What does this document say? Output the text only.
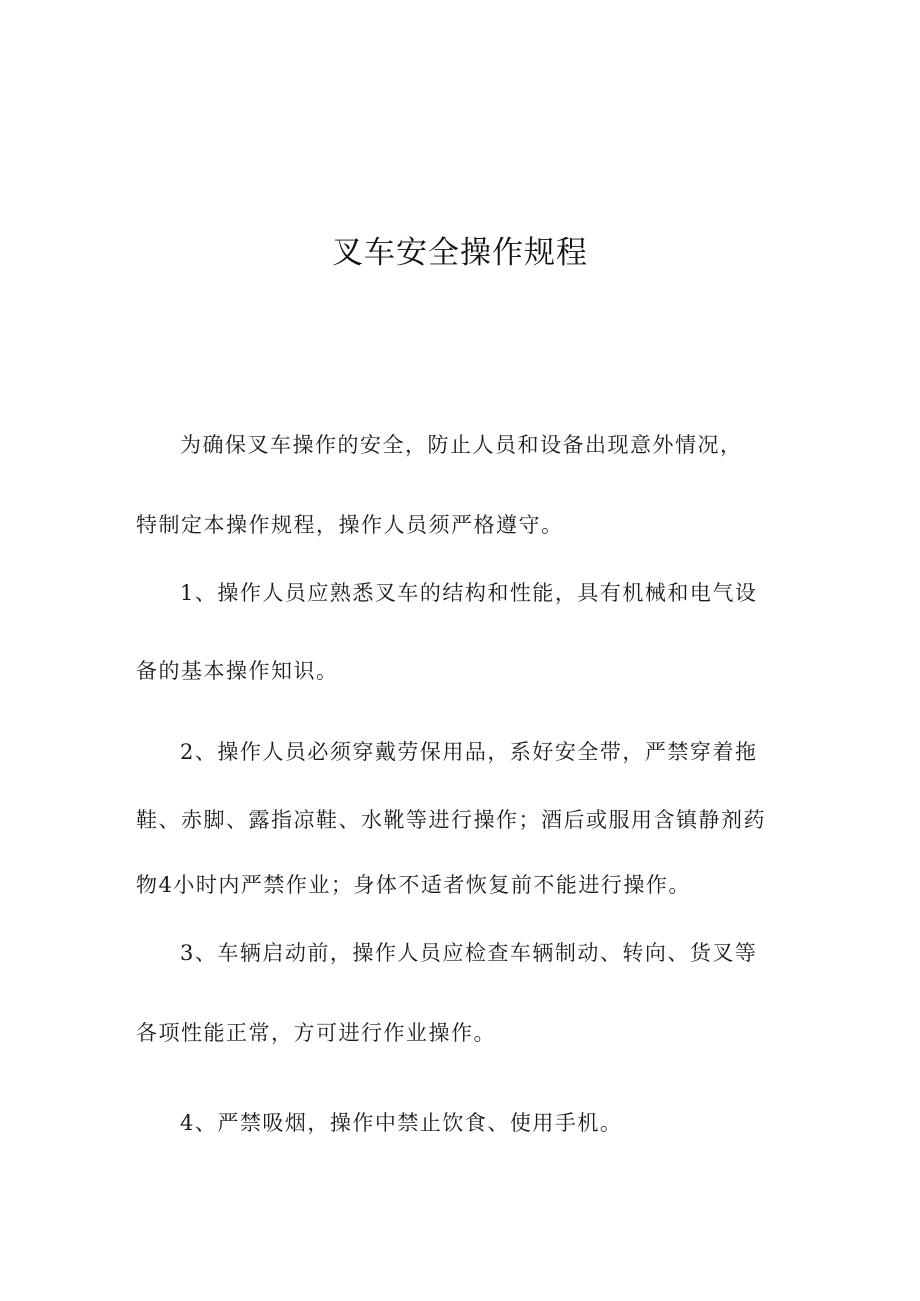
叉车安全操作规程
为确保叉车操作的安全，防止人员和设备出现意外情况，
特制定本操作规程，操作人员须严格遵守。
1、操作人员应熟悉叉车的结构和性能，具有机械和电气设
备的基本操作知识。
2、操作人员必须穿戴劳保用品，系好安全带，严禁穿着拖
鞋、赤脚、露指凉鞋、水靴等进行操作；酒后或服用含镇静剂药
物4小时内严禁作业；身体不适者恢复前不能进行操作。
3、车辆启动前，操作人员应检查车辆制动、转向、货叉等
各项性能正常，方可进行作业操作。
4、严禁吸烟，操作中禁止饮食、使用手机。
